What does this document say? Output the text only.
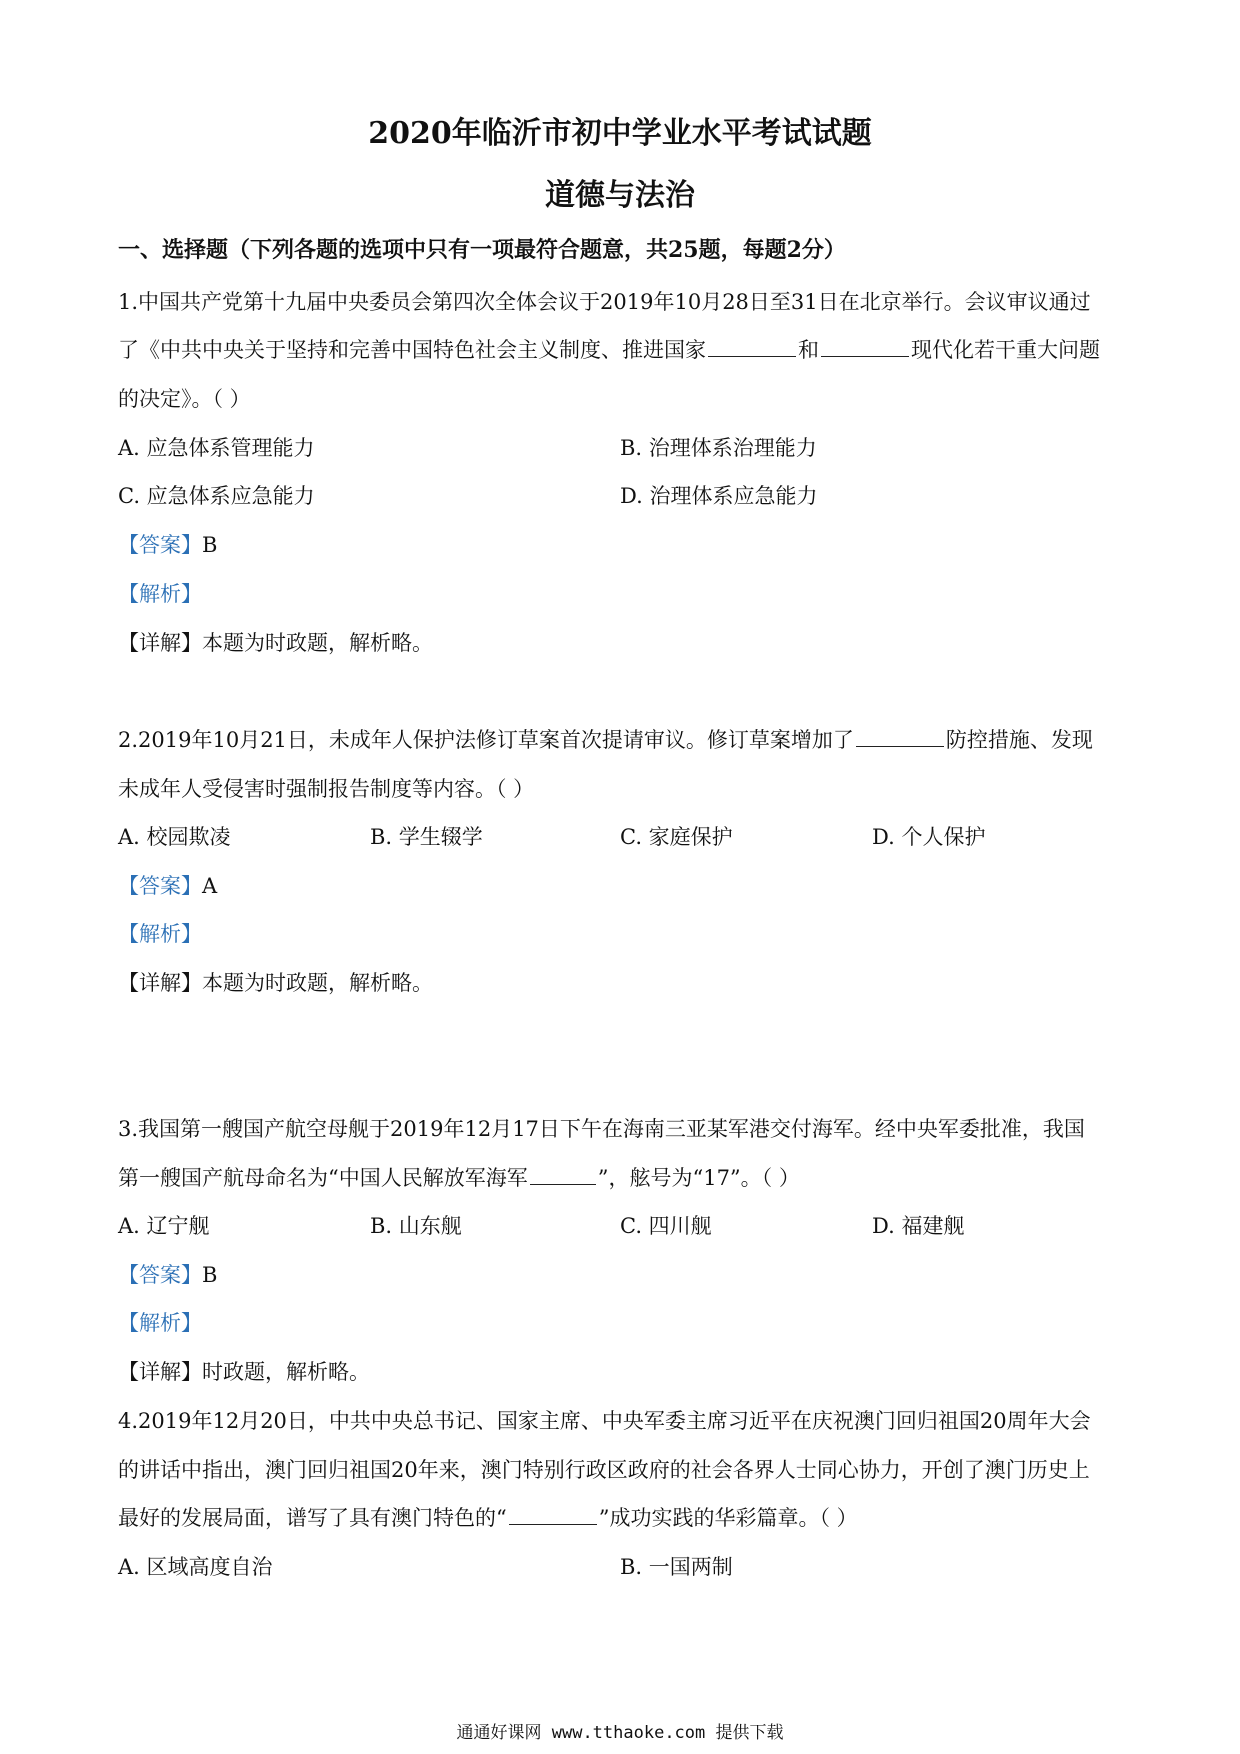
2020年临沂市初中学业水平考试试题
道德与法治
一、选择题（下列各题的选项中只有一项最符合题意，共25题，每题2分）
1.中国共产党第十九届中央委员会第四次全体会议于2019年10月28日至31日在北京举行。会议审议通过
了《中共中央关于坚持和完善中国特色社会主义制度、推进国家	和	现代化若干重大问题
的决定》。（ ）
A. 应急体系管理能力	B. 治理体系治理能力
C. 应急体系应急能力	D. 治理体系应急能力
【答案】B
【解析】
【详解】本题为时政题，解析略。
2.2019年10月21日，未成年人保护法修订草案首次提请审议。修订草案增加了	防控措施、发现
未成年人受侵害时强制报告制度等内容。（ ）
A. 校园欺凌	B. 学生辍学	C. 家庭保护	D. 个人保护
【答案】A
【解析】
【详解】本题为时政题，解析略。
3.我国第一艘国产航空母舰于2019年12月17日下午在海南三亚某军港交付海军。经中央军委批准，我国
第一艘国产航母命名为“中国人民解放军海军	”，舷号为“17”。（ ）
A. 辽宁舰	B. 山东舰	C. 四川舰	D. 福建舰
【答案】B
【解析】
【详解】时政题，解析略。
4.2019年12月20日，中共中央总书记、国家主席、中央军委主席习近平在庆祝澳门回归祖国20周年大会
的讲话中指出，澳门回归祖国20年来，澳门特别行政区政府的社会各界人士同心协力，开创了澳门历史上
最好的发展局面，谱写了具有澳门特色的“	”成功实践的华彩篇章。（ ）
A. 区域高度自治	B. 一国两制
通通好课网 www.tthaoke.com 提供下载
